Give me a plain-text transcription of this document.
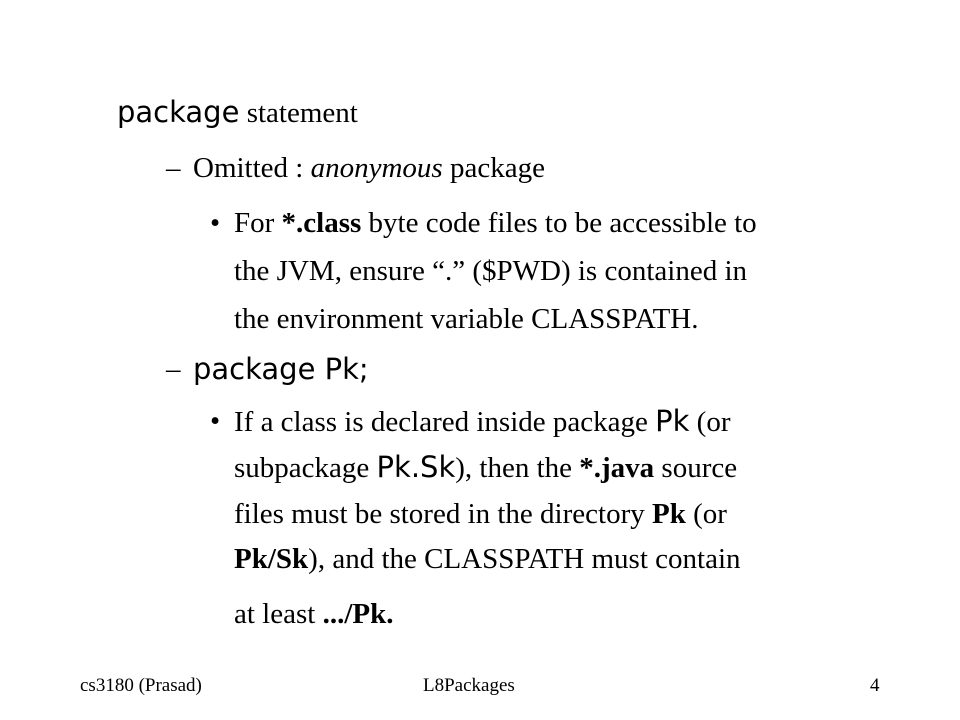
package statement
– Omitted : anonymous package
• For *.class byte code files to be accessible to
the JVM, ensure “.” ($PWD) is contained in
the environment variable CLASSPATH.
– package Pk;
• If a class is declared inside package Pk (or
subpackage Pk.Sk), then the *.java source
files must be stored in the directory Pk (or
Pk/Sk), and the CLASSPATH must contain
at least .../Pk.
cs3180 (Prasad)	L8Packages	4
